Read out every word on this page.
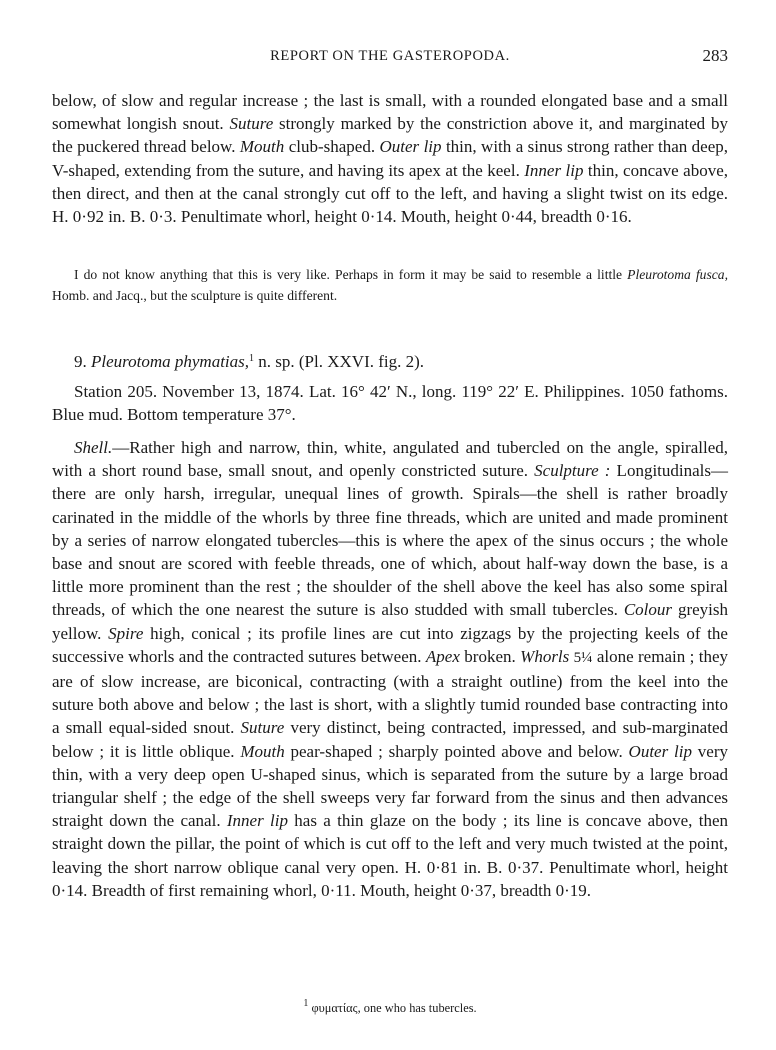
REPORT ON THE GASTEROPODA.	283

below, of slow and regular increase ; the last is small, with a rounded elongated base and a small somewhat longish snout. Suture strongly marked by the constriction above it, and marginated by the puckered thread below. Mouth club-shaped. Outer lip thin, with a sinus strong rather than deep, V-shaped, extending from the suture, and having its apex at the keel. Inner lip thin, concave above, then direct, and then at the canal strongly cut off to the left, and having a slight twist on its edge. H. 0·92 in. B. 0·3. Penultimate whorl, height 0·14. Mouth, height 0·44, breadth 0·16.

I do not know anything that this is very like. Perhaps in form it may be said to resemble a little Pleurotoma fusca, Homb. and Jacq., but the sculpture is quite different.

9. Pleurotoma phymatias,$^1$ n. sp. (Pl. XXVI. fig. 2).

Station 205. November 13, 1874. Lat. 16° 42′ N., long. 119° 22′ E. Philippines. 1050 fathoms. Blue mud. Bottom temperature 37°.

Shell.—Rather high and narrow, thin, white, angulated and tubercled on the angle, spiralled, with a short round base, small snout, and openly constricted suture. Sculpture : Longitudinals—there are only harsh, irregular, unequal lines of growth. Spirals—the shell is rather broadly carinated in the middle of the whorls by three fine threads, which are united and made prominent by a series of narrow elongated tubercles—this is where the apex of the sinus occurs ; the whole base and snout are scored with feeble threads, one of which, about half-way down the base, is a little more prominent than the rest ; the shoulder of the shell above the keel has also some spiral threads, of which the one nearest the suture is also studded with small tubercles. Colour greyish yellow. Spire high, conical ; its profile lines are cut into zigzags by the projecting keels of the successive whorls and the contracted sutures between. Apex broken. Whorls 5¼ alone remain ; they are of slow increase, are biconical, contracting (with a straight outline) from the keel into the suture both above and below ; the last is short, with a slightly tumid rounded base contracting into a small equal-sided snout. Suture very distinct, being contracted, impressed, and sub-marginated below ; it is little oblique. Mouth pear-shaped ; sharply pointed above and below. Outer lip very thin, with a very deep open U-shaped sinus, which is separated from the suture by a large broad triangular shelf ; the edge of the shell sweeps very far forward from the sinus and then advances straight down the canal. Inner lip has a thin glaze on the body ; its line is concave above, then straight down the pillar, the point of which is cut off to the left and very much twisted at the point, leaving the short narrow oblique canal very open. H. 0·81 in. B. 0·37. Penultimate whorl, height 0·14. Breadth of first remaining whorl, 0·11. Mouth, height 0·37, breadth 0·19.

$^1$ φυματίας, one who has tubercles.
